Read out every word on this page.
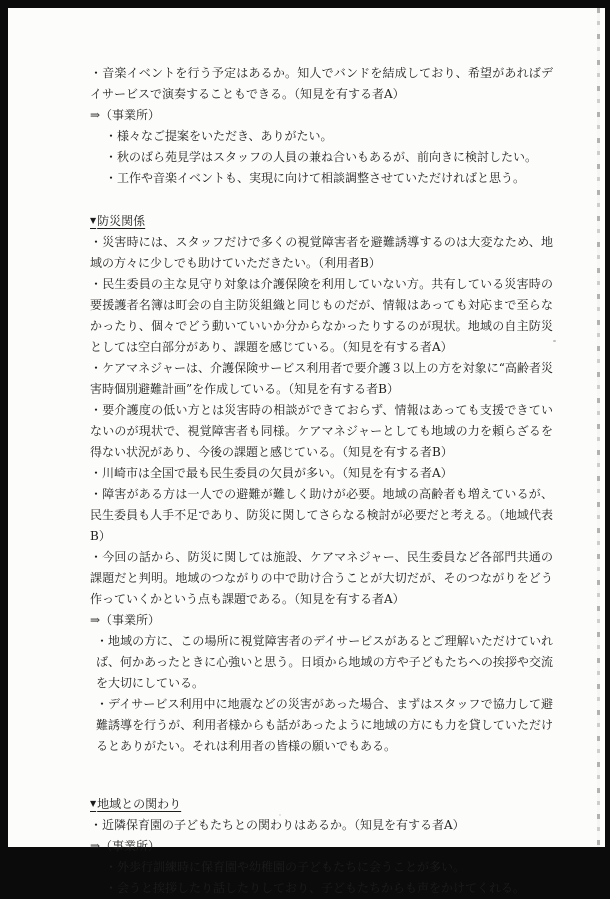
・音楽イベントを行う予定はあるか。知人でバンドを結成しており、希望があればデイサービスで演奏することもできる。（知見を有する者A）

⇒（事業所）

・様々なご提案をいただき、ありがたい。

・秋のばら苑見学はスタッフの人員の兼ね合いもあるが、前向きに検討したい。

・工作や音楽イベントも、実現に向けて相談調整させていただければと思う。

▼防災関係

・災害時には、スタッフだけで多くの視覚障害者を避難誘導するのは大変なため、地域の方々に少しでも助けていただきたい。（利用者B）

・民生委員の主な見守り対象は介護保険を利用していない方。共有している災害時の要援護者名簿は町会の自主防災組織と同じものだが、情報はあっても対応まで至らなかったり、個々でどう動いていいか分からなかったりするのが現状。地域の自主防災としては空白部分があり、課題を感じている。（知見を有する者A）

・ケアマネジャーは、介護保険サービス利用者で要介護３以上の方を対象に“高齢者災害時個別避難計画”を作成している。（知見を有する者B）

・要介護度の低い方とは災害時の相談ができておらず、情報はあっても支援できていないのが現状で、視覚障害者も同様。ケアマネジャーとしても地域の力を頼らざるを得ない状況があり、今後の課題と感じている。（知見を有する者B）

・川崎市は全国で最も民生委員の欠員が多い。（知見を有する者A）

・障害がある方は一人での避難が難しく助けが必要。地域の高齢者も増えているが、民生委員も人手不足であり、防災に関してさらなる検討が必要だと考える。（地域代表B）

・今回の話から、防災に関しては施設、ケアマネジャー、民生委員など各部門共通の課題だと判明。地域のつながりの中で助け合うことが大切だが、そのつながりをどう作っていくかという点も課題である。（知見を有する者A）

⇒（事業所）

・地域の方に、この場所に視覚障害者のデイサービスがあるとご理解いただけていれば、何かあったときに心強いと思う。日頃から地域の方や子どもたちへの挨拶や交流を大切にしている。

・デイサービス利用中に地震などの災害があった場合、まずはスタッフで協力して避難誘導を行うが、利用者様からも話があったように地域の方にも力を貸していただけるとありがたい。それは利用者の皆様の願いでもある。

▼地域との関わり

・近隣保育園の子どもたちとの関わりはあるか。（知見を有する者A）

⇒（事業所）

・外歩行訓練時に保育園や幼稚園の子どもたちに会うことが多い。

・会うと挨拶したり話したりしており、子どもたちからも声をかけてくれる。
